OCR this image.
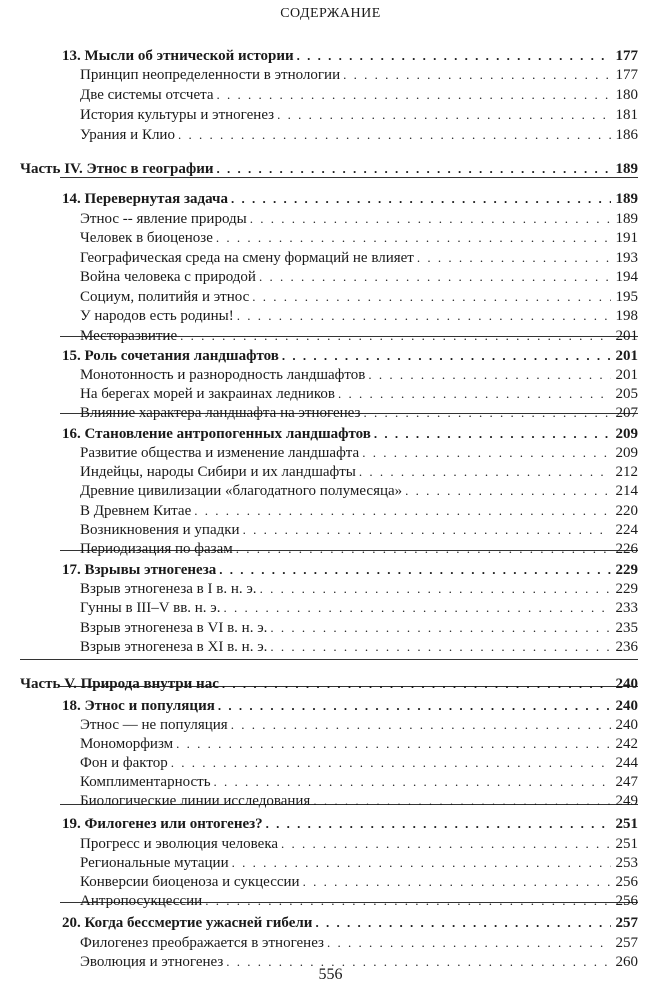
СОДЕРЖАНИЕ
13. Мысли об этнической истории . . .	177
Принцип неопределенности в этнологии . . .	177
Две системы отсчета . . .	180
История культуры и этногенез . . .	181
Урания и Клио . . .	186
Часть IV. Этнос в географии . . .	189
14. Перевернутая задача . . .	189
Этнос -- явление природы . . .	189
Человек в биоценозе . . .	191
Географическая среда на смену формаций не влияет . . .	193
Война человека с природой . . .	194
Социум, политийя и этнос . . .	195
У народов есть родины! . . .	198
Месторазвитие . . .	201
15. Роль сочетания ландшафтов . . .	201
Монотонность и разнородность ландшафтов . . .	201
На берегах морей и закраинах ледников . . .	205
Влияние характера ландшафта на этногенез . . .	207
16. Становление антропогенных ландшафтов . . .	209
Развитие общества и изменение ландшафта . . .	209
Индейцы, народы Сибири и их ландшафты . . .	212
Древние цивилизации «благодатного полумесяца» . . .	214
В Древнем Китае . . .	220
Возникновения и упадки . . .	224
Периодизация по фазам . . .	226
17. Взрывы этногенеза . . .	229
Взрыв этногенеза в I в. н. э. . . .	229
Гунны в III–V вв. н. э. . . .	233
Взрыв этногенеза в VI в. н. э. . . .	235
Взрыв этногенеза в XI в. н. э. . . .	236
Часть V. Природа внутри нас . . .	240
18. Этнос и популяция . . .	240
Этнос — не популяция . . .	240
Мономорфизм . . .	242
Фон и фактор . . .	244
Комплиментарность . . .	247
Биологические линии исследования . . .	249
19. Филогенез или онтогенез? . . .	251
Прогресс и эволюция человека . . .	251
Региональные мутации . . .	253
Конверсии биоценоза и сукцессии . . .	256
Антропосукцессии . . .	256
20. Когда бессмертие ужасней гибели . . .	257
Филогенез преображается в этногенез . . .	257
Эволюция и этногенез . . .	260
556
